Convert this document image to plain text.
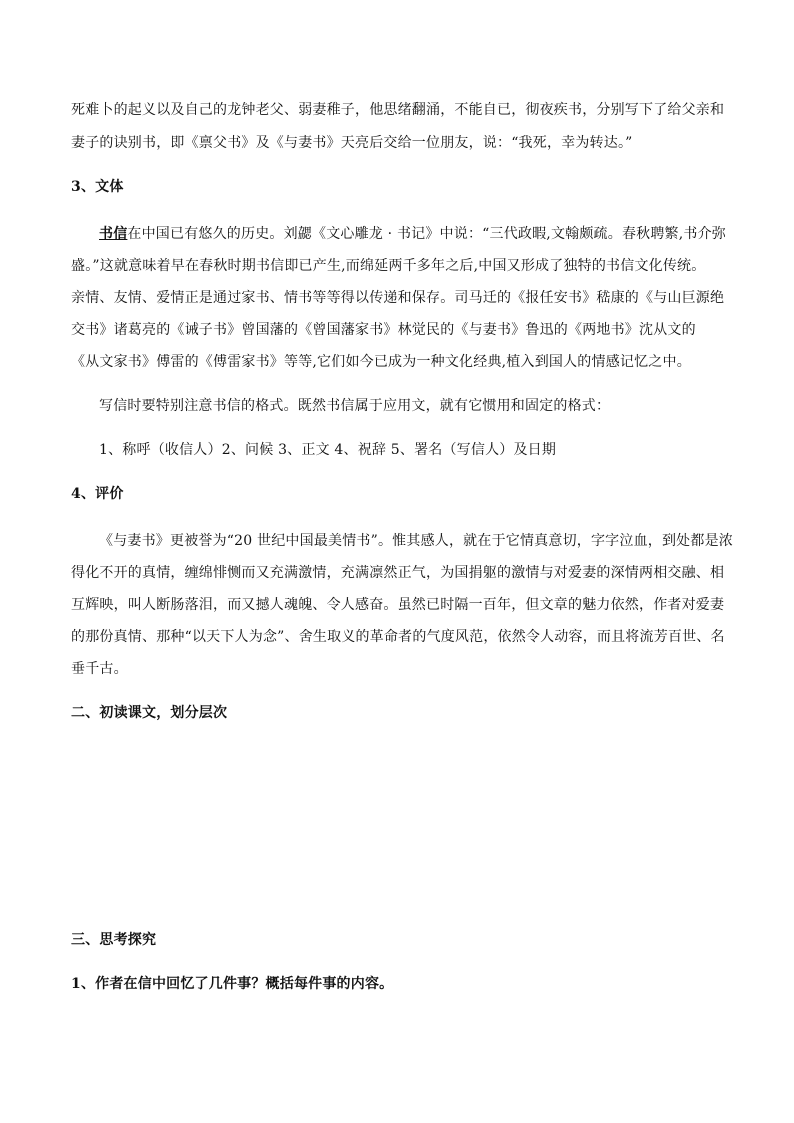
死难卜的起义以及自己的龙钟老父、弱妻稚子，他思绪翻涌，不能自已，彻夜疾书，分别写下了给父亲和
妻子的诀别书，即《禀父书》及《与妻书》天亮后交给一位朋友，说：“我死，幸为转达。”
3、文体
书信在中国已有悠久的历史。刘勰《文心雕龙 · 书记》中说：“三代政暇,文翰颇疏。春秋聘繁,书介弥
盛。”这就意味着早在春秋时期书信即已产生,而绵延两千多年之后,中国又形成了独特的书信文化传统。
亲情、友情、爱情正是通过家书、情书等等得以传递和保存。司马迁的《报任安书》嵇康的《与山巨源绝
交书》诸葛亮的《诫子书》曾国藩的《曾国藩家书》林觉民的《与妻书》鲁迅的《两地书》沈从文的
《从文家书》傅雷的《傅雷家书》等等,它们如今已成为一种文化经典,植入到国人的情感记忆之中。
写信时要特别注意书信的格式。既然书信属于应用文，就有它惯用和固定的格式：
1、称呼（收信人）2、问候 3、正文 4、祝辞 5、署名（写信人）及日期
4、评价
《与妻书》更被誉为“20 世纪中国最美情书”。惟其感人，就在于它情真意切，字字泣血，到处都是浓
得化不开的真情，缠绵悱恻而又充满激情，充满凛然正气，为国捐躯的激情与对爱妻的深情两相交融、相
互辉映，叫人断肠落泪，而又撼人魂魄、令人感奋。虽然已时隔一百年，但文章的魅力依然，作者对爱妻
的那份真情、那种“以天下人为念”、舍生取义的革命者的气度风范，依然令人动容，而且将流芳百世、名
垂千古。
二、初读课文，划分层次
三、思考探究
1、作者在信中回忆了几件事？概括每件事的内容。
